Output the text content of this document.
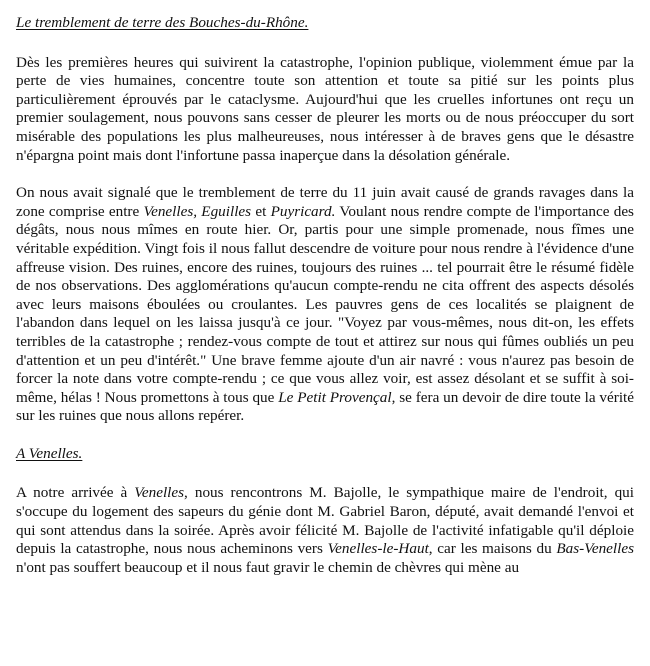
Le tremblement de terre des Bouches-du-Rhône.

Dès les premières heures qui suivirent la catastrophe, l'opinion publique, violemment émue par la perte de vies humaines, concentre toute son attention et toute sa pitié sur les points plus particulièrement éprouvés par le cataclysme. Aujourd'hui que les cruelles infortunes ont reçu un premier soulagement, nous pouvons sans cesser de pleurer les morts ou de nous préoccuper du sort misérable des populations les plus malheureuses, nous intéresser à de braves gens que le désastre n'épargna point mais dont l'infortune passa inaperçue dans la désolation générale.

On nous avait signalé que le tremblement de terre du 11 juin avait causé de grands ravages dans la zone comprise entre Venelles, Eguilles et Puyricard. Voulant nous rendre compte de l'importance des dégâts, nous nous mîmes en route hier. Or, partis pour une simple promenade, nous fîmes une véritable expédition. Vingt fois il nous fallut descendre de voiture pour nous rendre à l'évidence d'une affreuse vision. Des ruines, encore des ruines, toujours des ruines ... tel pourrait être le résumé fidèle de nos observations. Des agglomérations qu'aucun compte-rendu ne cita offrent des aspects désolés avec leurs maisons éboulées ou croulantes. Les pauvres gens de ces localités se plaignent de l'abandon dans lequel on les laissa jusqu'à ce jour. "Voyez par vous-mêmes, nous dit-on, les effets terribles de la catastrophe ; rendez-vous compte de tout et attirez sur nous qui fûmes oubliés un peu d'attention et un peu d'intérêt." Une brave femme ajoute d'un air navré : vous n'aurez pas besoin de forcer la note dans votre compte-rendu ; ce que vous allez voir, est assez désolant et se suffit à soi-même, hélas ! Nous promettons à tous que Le Petit Provençal, se fera un devoir de dire toute la vérité sur les ruines que nous allons repérer.

A Venelles.

A notre arrivée à Venelles, nous rencontrons M. Bajolle, le sympathique maire de l'endroit, qui s'occupe du logement des sapeurs du génie dont M. Gabriel Baron, député, avait demandé l'envoi et qui sont attendus dans la soirée. Après avoir félicité M. Bajolle de l'activité infatigable qu'il déploie depuis la catastrophe, nous nous acheminons vers Venelles-le-Haut, car les maisons du Bas-Venelles n'ont pas souffert beaucoup et il nous faut gravir le chemin de chèvres qui mène au
